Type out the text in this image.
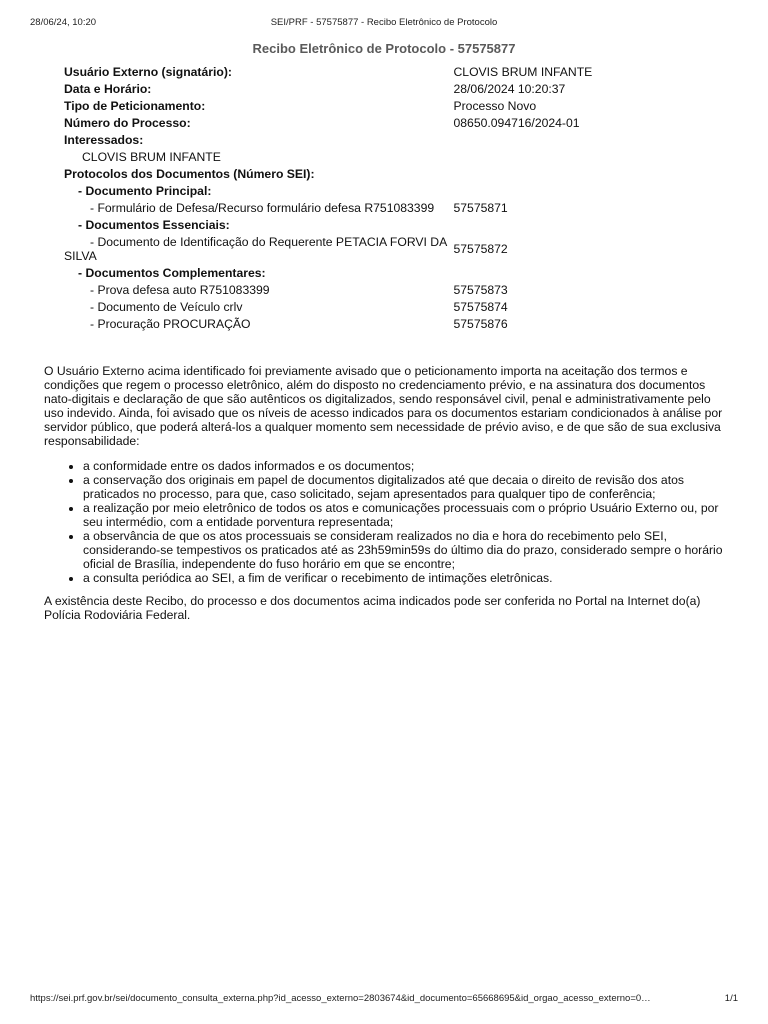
28/06/24, 10:20	SEI/PRF - 57575877 - Recibo Eletrônico de Protocolo
Recibo Eletrônico de Protocolo - 57575877
Usuário Externo (signatário):	CLOVIS BRUM INFANTE
Data e Horário:	28/06/2024 10:20:37
Tipo de Peticionamento:	Processo Novo
Número do Processo:	08650.094716/2024-01
Interessados:	
CLOVIS BRUM INFANTE	
Protocolos dos Documentos (Número SEI):	
- Documento Principal:	
- Formulário de Defesa/Recurso formulário defesa R751083399	57575871
- Documentos Essenciais:	
- Documento de Identificação do Requerente PETACIA FORVI DA SILVA	57575872
- Documentos Complementares:	
- Prova defesa auto R751083399	57575873
- Documento de Veículo crlv	57575874
- Procuração PROCURAÇÃO	57575876

O Usuário Externo acima identificado foi previamente avisado que o peticionamento importa na aceitação dos termos e condições que regem o processo eletrônico, além do disposto no credenciamento prévio, e na assinatura dos documentos nato-digitais e declaração de que são autênticos os digitalizados, sendo responsável civil, penal e administrativamente pelo uso indevido. Ainda, foi avisado que os níveis de acesso indicados para os documentos estariam condicionados à análise por servidor público, que poderá alterá-los a qualquer momento sem necessidade de prévio aviso, e de que são de sua exclusiva responsabilidade:

• a conformidade entre os dados informados e os documentos;
• a conservação dos originais em papel de documentos digitalizados até que decaia o direito de revisão dos atos praticados no processo, para que, caso solicitado, sejam apresentados para qualquer tipo de conferência;
• a realização por meio eletrônico de todos os atos e comunicações processuais com o próprio Usuário Externo ou, por seu intermédio, com a entidade porventura representada;
• a observância de que os atos processuais se consideram realizados no dia e hora do recebimento pelo SEI, considerando-se tempestivos os praticados até as 23h59min59s do último dia do prazo, considerado sempre o horário oficial de Brasília, independente do fuso horário em que se encontre;
• a consulta periódica ao SEI, a fim de verificar o recebimento de intimações eletrônicas.

A existência deste Recibo, do processo e dos documentos acima indicados pode ser conferida no Portal na Internet do(a) Polícia Rodoviária Federal.

https://sei.prf.gov.br/sei/documento_consulta_externa.php?id_acesso_externo=2803674&id_documento=65668695&id_orgao_acesso_externo=0…	1/1
